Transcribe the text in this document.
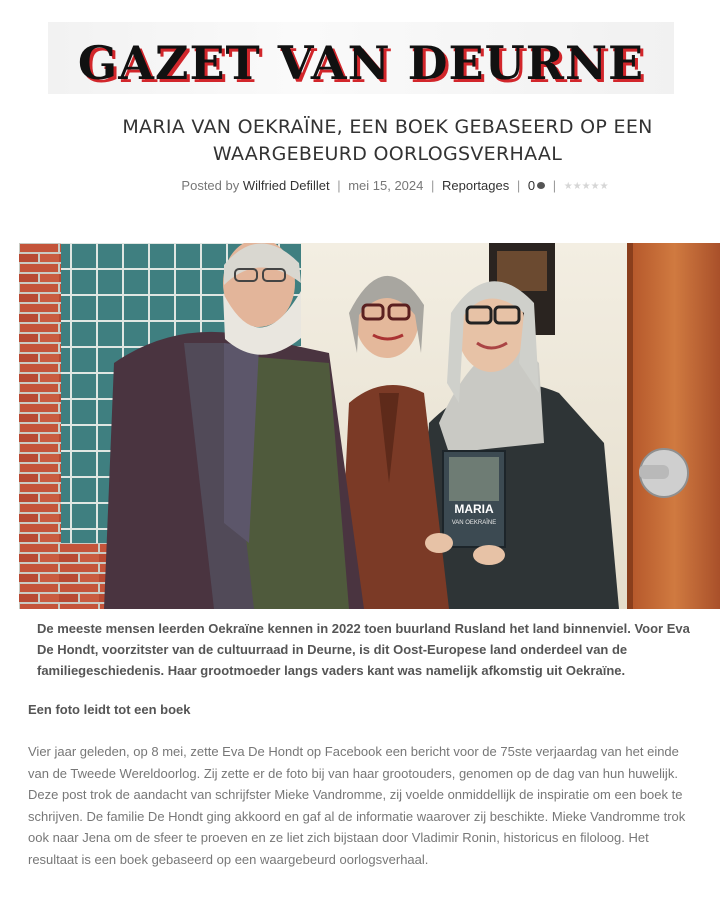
GAZET VAN DEURNE
MARIA VAN OEKRAÏNE, EEN BOEK GEBASEERD OP EEN WAARGEBEURD OORLOGSVERHAAL
Posted by Wilfried Defillet | mei 15, 2024 | Reportages | 0 | ★★★★★
MARIA
VAN OEKRAÏNE

De meeste mensen leerden Oekraïne kennen in 2022 toen buurland Rusland het land binnenviel. Voor Eva De Hondt, voorzitster van de cultuurraad in Deurne, is dit Oost-Europese land onderdeel van de familiegeschiedenis. Haar grootmoeder langs vaders kant was namelijk afkomstig uit Oekraïne.

Een foto leidt tot een boek

Vier jaar geleden, op 8 mei, zette Eva De Hondt op Facebook een bericht voor de 75ste verjaardag van het einde van de Tweede Wereldoorlog. Zij zette er de foto bij van haar grootouders, genomen op de dag van hun huwelijk. Deze post trok de aandacht van schrijfster Mieke Vandromme, zij voelde onmiddellijk de inspiratie om een boek te schrijven. De familie De Hondt ging akkoord en gaf al de informatie waarover zij beschikte. Mieke Vandromme trok ook naar Jena om de sfeer te proeven en ze liet zich bijstaan door Vladimir Ronin, historicus en filoloog. Het resultaat is een boek gebaseerd op een waargebeurd oorlogsverhaal.
